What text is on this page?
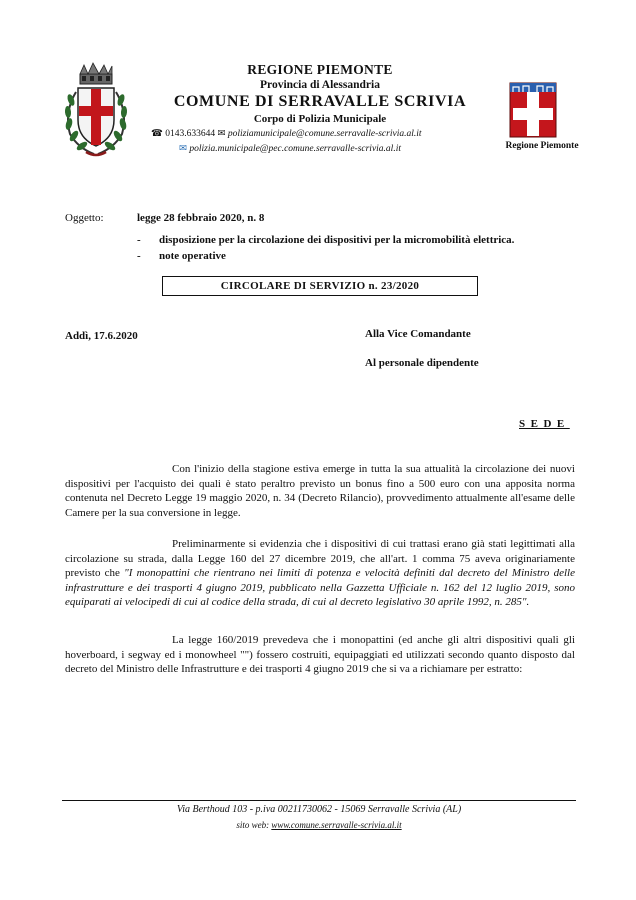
REGIONE PIEMONTE
Provincia di Alessandria
COMUNE DI SERRAVALLE SCRIVIA
Corpo di Polizia Municipale
☎ 0143.633644 ✉ poliziamunicipale@comune.serravalle-scrivia.al.it
✉ polizia.municipale@pec.comune.serravalle-scrivia.al.it	Regione Piemonte
Oggetto:	legge 28 febbraio 2020, n. 8
- disposizione per la circolazione dei dispositivi per la micromobilità elettrica.
- note operative
CIRCOLARE DI SERVIZIO n. 23/2020
Addì, 17.6.2020	Alla Vice Comandante
Al personale dipendente
SEDE

Con l'inizio della stagione estiva emerge in tutta la sua attualità la circolazione dei nuovi dispositivi per l'acquisto dei quali è stato peraltro previsto un bonus fino a 500 euro con una apposita norma contenuta nel Decreto Legge 19 maggio 2020, n. 34 (Decreto Rilancio), provvedimento attualmente all'esame delle Camere per la sua conversione in legge.

Preliminarmente si evidenzia che i dispositivi di cui trattasi erano già stati legittimati alla circolazione su strada, dalla Legge 160 del 27 dicembre 2019, che all'art. 1 comma 75 aveva originariamente previsto che "I monopattini che rientrano nei limiti di potenza e velocità definiti dal decreto del Ministro delle infrastrutture e dei trasporti 4 giugno 2019, pubblicato nella Gazzetta Ufficiale n. 162 del 12 luglio 2019, sono equiparati ai velocipedi di cui al codice della strada, di cui al decreto legislativo 30 aprile 1992, n. 285".

La legge 160/2019 prevedeva che i monopattini (ed anche gli altri dispositivi quali gli hoverboard, i segway ed i monowheel "") fossero costruiti, equipaggiati ed utilizzati secondo quanto disposto dal decreto del Ministro delle Infrastrutture e dei trasporti 4 giugno 2019 che si va a richiamare per estratto:

Via Berthoud 103 - p.iva 00211730062 - 15069 Serravalle Scrivia (AL)
sito web: www.comune.serravalle-scrivia.al.it
